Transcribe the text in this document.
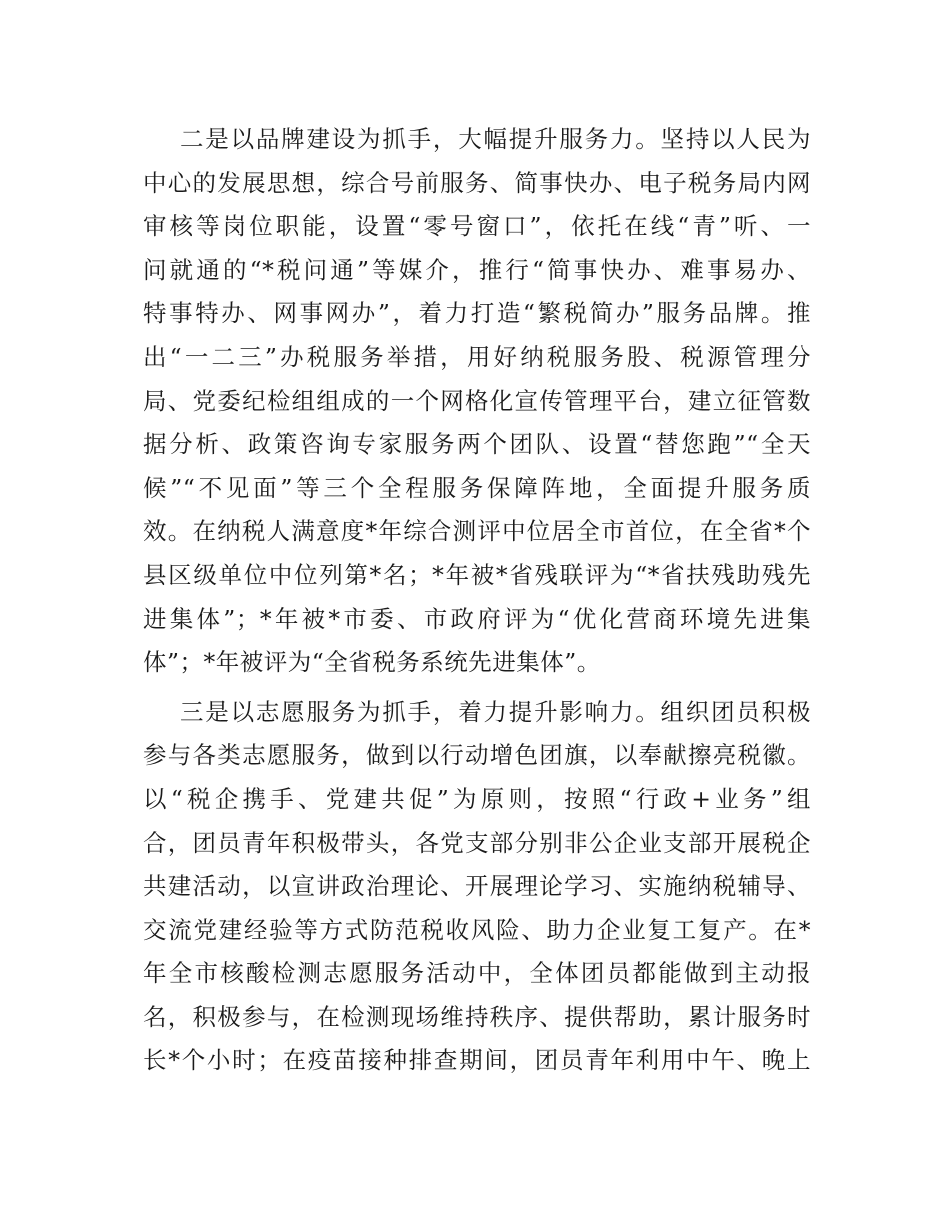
二是以品牌建设为抓手，大幅提升服务力。坚持以人民为
中心的发展思想，综合号前服务、简事快办、电子税务局内网
审核等岗位职能，设置“零号窗口”，依托在线“青”听、一
问就通的“*税问通”等媒介，推行“简事快办、难事易办、
特事特办、网事网办”，着力打造“繁税简办”服务品牌。推
出“一二三”办税服务举措，用好纳税服务股、税源管理分
局、党委纪检组组成的一个网格化宣传管理平台，建立征管数
据分析、政策咨询专家服务两个团队、设置“替您跑”“全天
候”“不见面”等三个全程服务保障阵地，全面提升服务质
效。在纳税人满意度*年综合测评中位居全市首位，在全省*个
县区级单位中位列第*名；*年被*省残联评为“*省扶残助残先
进集体”；*年被*市委、市政府评为“优化营商环境先进集
体”；*年被评为“全省税务系统先进集体”。
三是以志愿服务为抓手，着力提升影响力。组织团员积极
参与各类志愿服务，做到以行动增色团旗，以奉献擦亮税徽。
以“税企携手、党建共促”为原则，按照“行政+业务”组
合，团员青年积极带头，各党支部分别非公企业支部开展税企
共建活动，以宣讲政治理论、开展理论学习、实施纳税辅导、
交流党建经验等方式防范税收风险、助力企业复工复产。在*
年全市核酸检测志愿服务活动中，全体团员都能做到主动报
名，积极参与，在检测现场维持秩序、提供帮助，累计服务时
长*个小时；在疫苗接种排查期间，团员青年利用中午、晚上
